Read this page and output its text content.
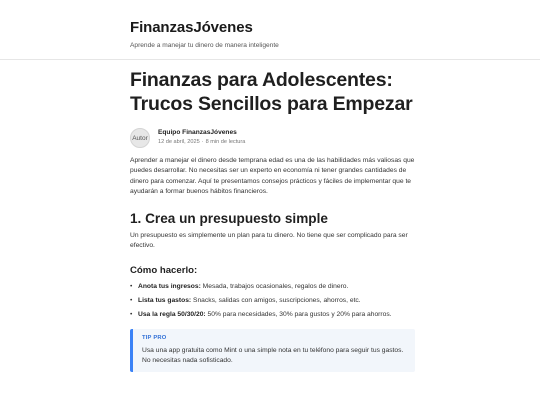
FinanzasJóvenes
Aprende a manejar tu dinero de manera inteligente
Finanzas para Adolescentes: Trucos Sencillos para Empezar
Autor
Equipo FinanzasJóvenes
12 de abril, 2025 · 8 min de lectura

Aprender a manejar el dinero desde temprana edad es una de las habilidades más valiosas que puedes desarrollar. No necesitas ser un experto en economía ni tener grandes cantidades de dinero para comenzar. Aquí te presentamos consejos prácticos y fáciles de implementar que te ayudarán a formar buenos hábitos financieros.

1. Crea un presupuesto simple

Un presupuesto es simplemente un plan para tu dinero. No tiene que ser complicado para ser efectivo.

Cómo hacerlo:
• Anota tus ingresos: Mesada, trabajos ocasionales, regalos de dinero.
• Lista tus gastos: Snacks, salidas con amigos, suscripciones, ahorros, etc.
• Usa la regla 50/30/20: 50% para necesidades, 30% para gustos y 20% para ahorros.
TIP PRO
Usa una app gratuita como Mint o una simple nota en tu teléfono para seguir tus gastos. No necesitas nada sofisticado.
